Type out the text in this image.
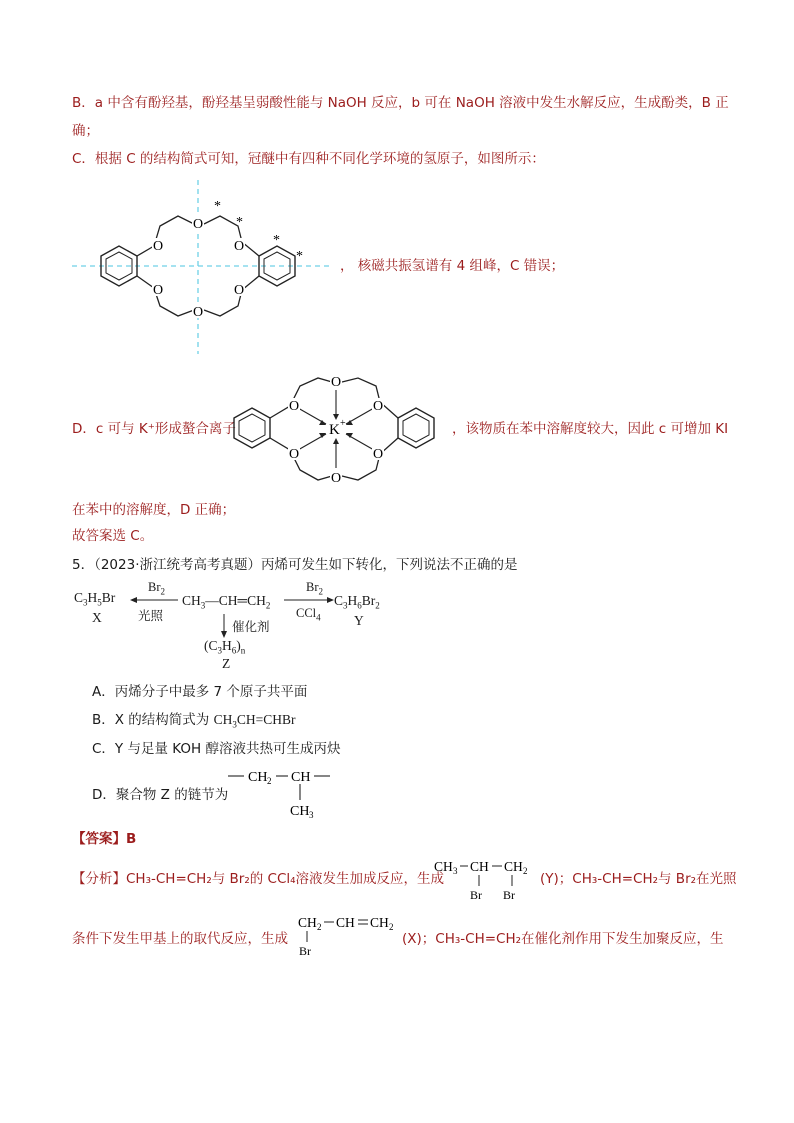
B．a 中含有酚羟基，酚羟基呈弱酸性能与 NaOH 反应，b 可在 NaOH 溶液中发生水解反应，生成酚类，B 正
确；
C．根据 C 的结构简式可知，冠醚中有四种不同化学环境的氢原子，如图所示：
O
O
O
O
O
O
*
*
*
*
， 核磁共振氢谱有 4 组峰，C 错误；
D．c 可与 K⁺形成螯合离子
O
O	O
O	O
O
K +	，该物质在苯中溶解度较大，因此 c 可增加 KI
在苯中的溶解度，D 正确；
故答案选 C。
5．（2023·浙江统考高考真题）丙烯可发生如下转化，下列说法不正确的是
$C_3H_5Br$
X
$Br_2$
光照
$CH_3—CH═CH_2$
$Br_2$
CCl$_4$
$C_3H_6Br_2$
Y
催化剂
$(C_3H_6)_n$
Z
A．丙烯分子中最多 7 个原子共平面
B．X 的结构简式为 $CH_3CH=CHBr$
C．Y 与足量 KOH 醇溶液共热可生成丙炔
D．聚合物 Z 的链节为
CH 2 CH
CH 3
【答案】B
【分析】CH₃-CH=CH₂与 Br₂的 CCl₄溶液发生加成反应，生成
CH 3 CH CH 2
Br Br
(Y)；CH₃-CH=CH₂与 Br₂在光照
条件下发生甲基上的取代反应，生成
CH 2 CH CH 2
Br
(X)；CH₃-CH=CH₂在催化剂作用下发生加聚反应，生
